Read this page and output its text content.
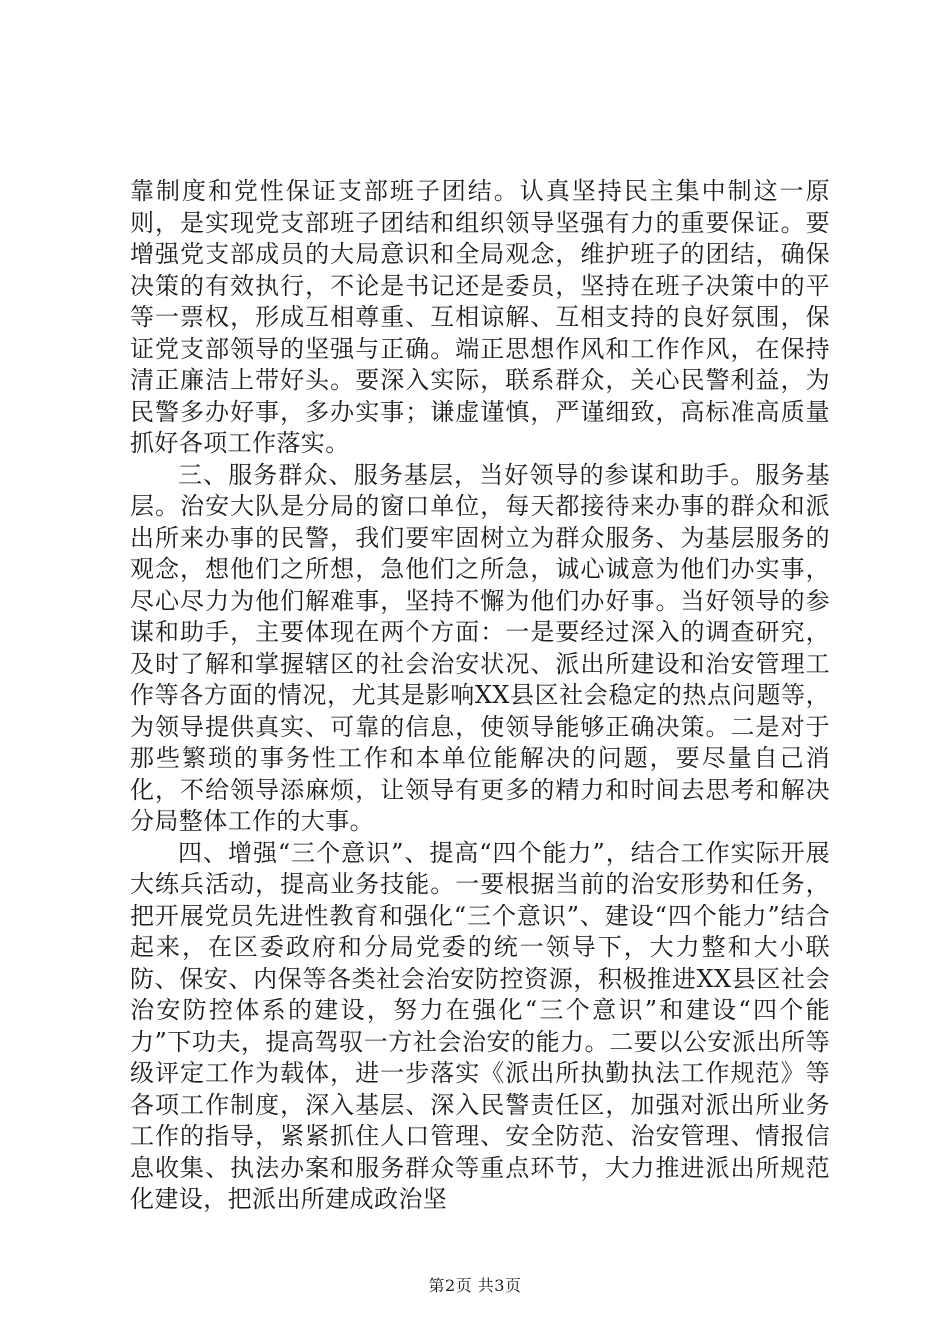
靠制度和党性保证支部班子团结。认真坚持民主集中制这一原则，是实现党支部班子团结和组织领导坚强有力的重要保证。要增强党支部成员的大局意识和全局观念，维护班子的团结，确保决策的有效执行，不论是书记还是委员，坚持在班子决策中的平等一票权，形成互相尊重、互相谅解、互相支持的良好氛围，保证党支部领导的坚强与正确。端正思想作风和工作作风，在保持清正廉洁上带好头。要深入实际，联系群众，关心民警利益，为民警多办好事，多办实事；谦虚谨慎，严谨细致，高标准高质量抓好各项工作落实。

三、服务群众、服务基层，当好领导的参谋和助手。服务基层。治安大队是分局的窗口单位，每天都接待来办事的群众和派出所来办事的民警，我们要牢固树立为群众服务、为基层服务的观念，想他们之所想，急他们之所急，诚心诚意为他们办实事，尽心尽力为他们解难事，坚持不懈为他们办好事。当好领导的参谋和助手，主要体现在两个方面：一是要经过深入的调查研究，及时了解和掌握辖区的社会治安状况、派出所建设和治安管理工作等各方面的情况，尤其是影响XX县区社会稳定的热点问题等，为领导提供真实、可靠的信息，使领导能够正确决策。二是对于那些繁琐的事务性工作和本单位能解决的问题，要尽量自己消化，不给领导添麻烦，让领导有更多的精力和时间去思考和解决分局整体工作的大事。

四、增强“三个意识”、提高“四个能力”，结合工作实际开展大练兵活动，提高业务技能。一要根据当前的治安形势和任务，把开展党员先进性教育和强化“三个意识”、建设“四个能力”结合起来，在区委政府和分局党委的统一领导下，大力整和大小联防、保安、内保等各类社会治安防控资源，积极推进XX县区社会治安防控体系的建设，努力在强化“三个意识”和建设“四个能力”下功夫，提高驾驭一方社会治安的能力。二要以公安派出所等级评定工作为载体，进一步落实《派出所执勤执法工作规范》等各项工作制度，深入基层、深入民警责任区，加强对派出所业务工作的指导，紧紧抓住人口管理、安全防范、治安管理、情报信息收集、执法办案和服务群众等重点环节，大力推进派出所规范化建设，把派出所建成政治坚

第2页 共3页
